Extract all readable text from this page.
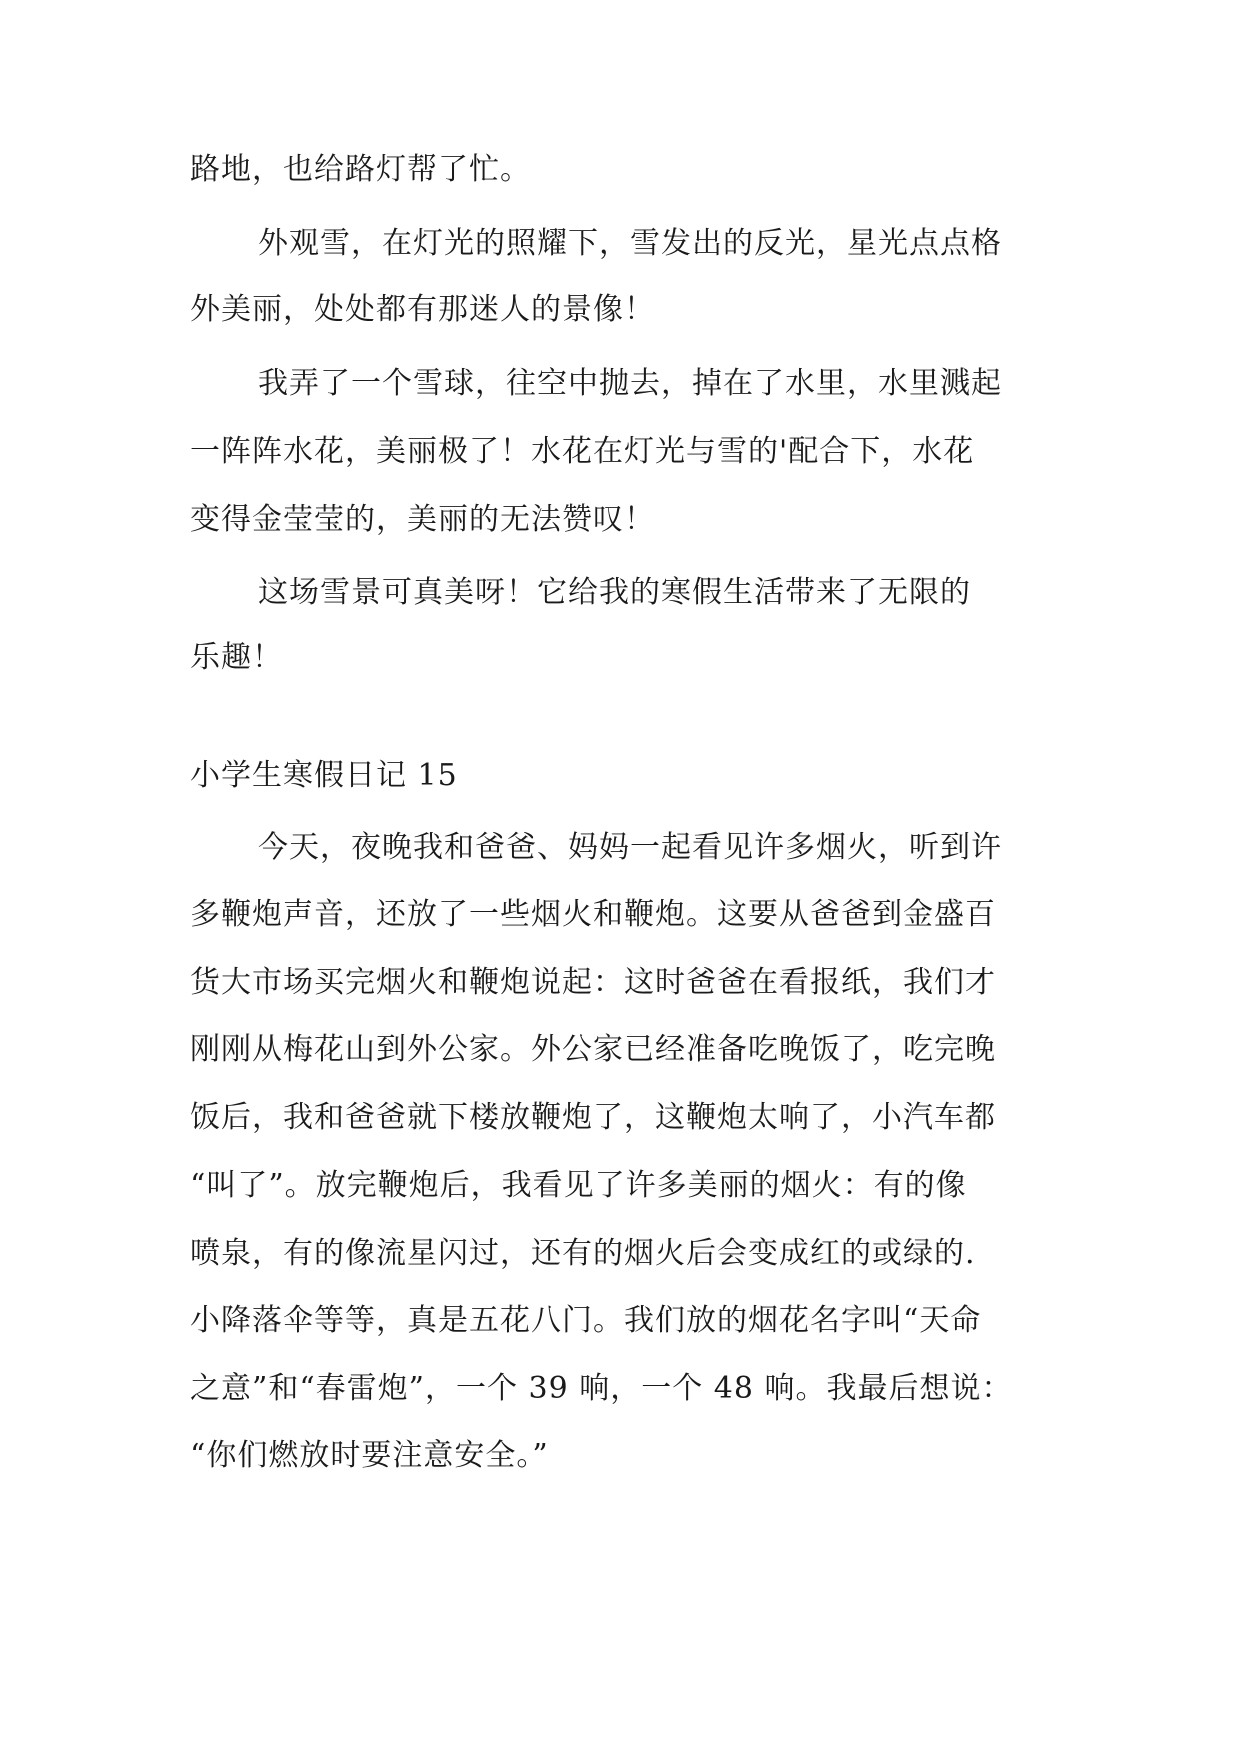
路地，也给路灯帮了忙。
外观雪，在灯光的照耀下，雪发出的反光，星光点点格
外美丽，处处都有那迷人的景像！
我弄了一个雪球，往空中抛去，掉在了水里，水里溅起
一阵阵水花，美丽极了！水花在灯光与雪的'配合下，水花
变得金莹莹的，美丽的无法赞叹！
这场雪景可真美呀！它给我的寒假生活带来了无限的
乐趣！
小学生寒假日记 15
今天，夜晚我和爸爸、妈妈一起看见许多烟火，听到许
多鞭炮声音，还放了一些烟火和鞭炮。这要从爸爸到金盛百
货大市场买完烟火和鞭炮说起：这时爸爸在看报纸，我们才
刚刚从梅花山到外公家。外公家已经准备吃晚饭了，吃完晚
饭后，我和爸爸就下楼放鞭炮了，这鞭炮太响了，小汽车都
“叫了”。放完鞭炮后，我看见了许多美丽的烟火：有的像
喷泉，有的像流星闪过，还有的烟火后会变成红的或绿的.
小降落伞等等，真是五花八门。我们放的烟花名字叫“天命
之意”和“春雷炮”，一个 39 响，一个 48 响。我最后想说：
“你们燃放时要注意安全。”
